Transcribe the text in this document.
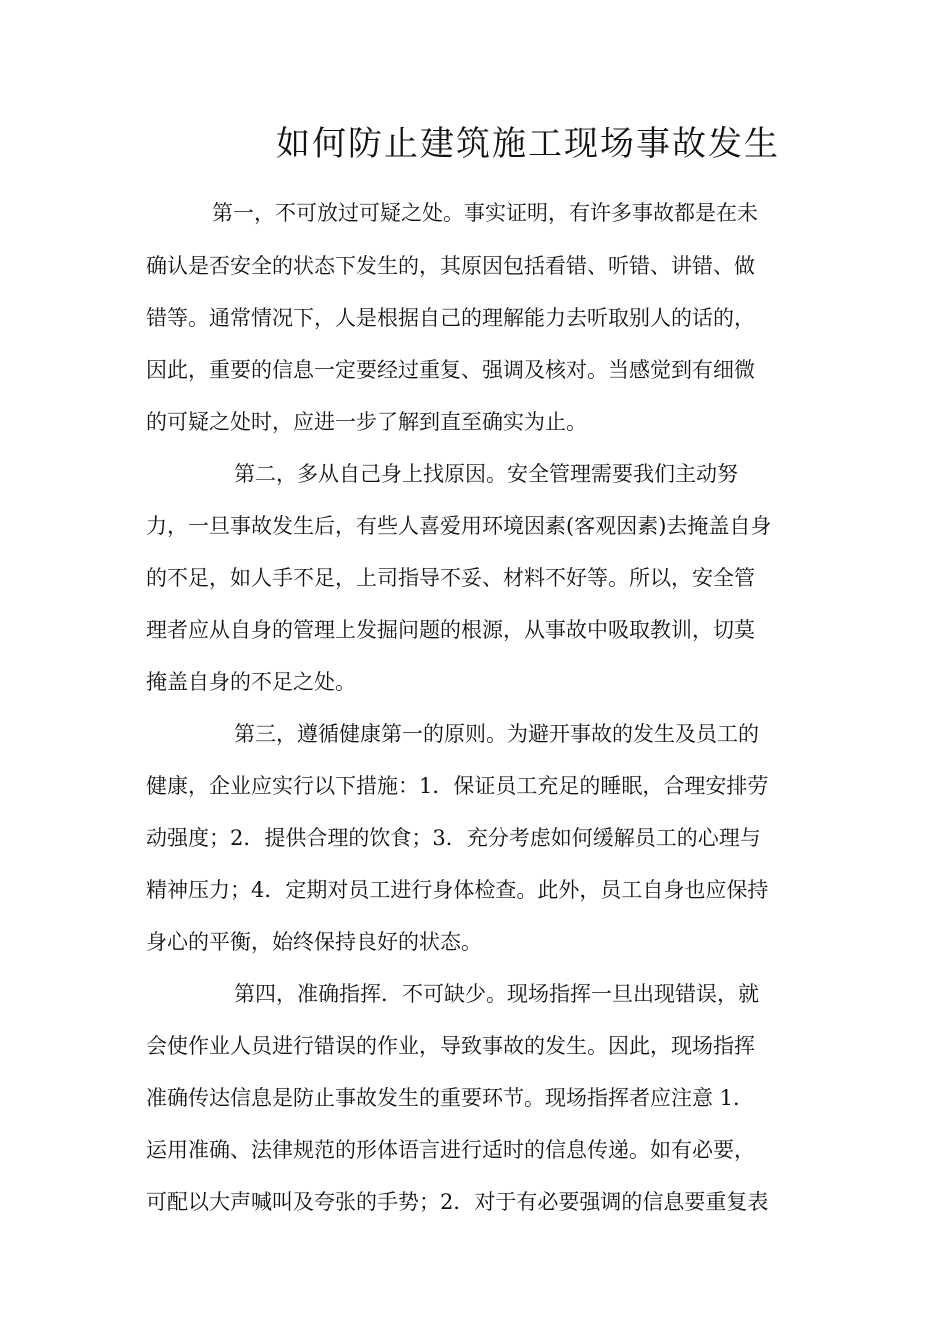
如何防止建筑施工现场事故发生
第一，不可放过可疑之处。事实证明，有许多事故都是在未
确认是否安全的状态下发生的，其原因包括看错、听错、讲错、做
错等。通常情况下，人是根据自己的理解能力去听取别人的话的，
因此，重要的信息一定要经过重复、强调及核对。当感觉到有细微
的可疑之处时，应进一步了解到直至确实为止。
第二，多从自己身上找原因。安全管理需要我们主动努
力，一旦事故发生后，有些人喜爱用环境因素(客观因素)去掩盖自身
的不足，如人手不足，上司指导不妥、材料不好等。所以，安全管
理者应从自身的管理上发掘问题的根源，从事故中吸取教训，切莫
掩盖自身的不足之处。
第三，遵循健康第一的原则。为避开事故的发生及员工的
健康，企业应实行以下措施：1．保证员工充足的睡眠，合理安排劳
动强度；2．提供合理的饮食；3．充分考虑如何缓解员工的心理与
精神压力；4．定期对员工进行身体检查。此外，员工自身也应保持
身心的平衡，始终保持良好的状态。
第四，准确指挥．不可缺少。现场指挥一旦出现错误，就
会使作业人员进行错误的作业，导致事故的发生。因此，现场指挥
准确传达信息是防止事故发生的重要环节。现场指挥者应注意 1．
运用准确、法律规范的形体语言进行适时的信息传递。如有必要，
可配以大声喊叫及夸张的手势；2．对于有必要强调的信息要重复表
